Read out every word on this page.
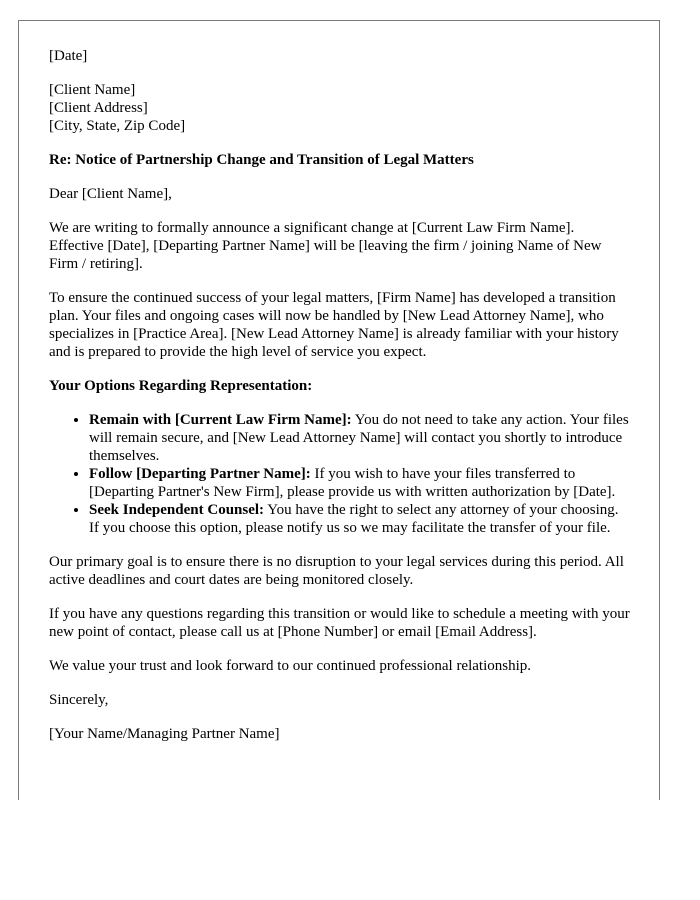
[Date]

[Client Name]
[Client Address]
[City, State, Zip Code]

Re: Notice of Partnership Change and Transition of Legal Matters

Dear [Client Name],

We are writing to formally announce a significant change at [Current Law Firm Name]. Effective [Date], [Departing Partner Name] will be [leaving the firm / joining Name of New Firm / retiring].

To ensure the continued success of your legal matters, [Firm Name] has developed a transition plan. Your files and ongoing cases will now be handled by [New Lead Attorney Name], who specializes in [Practice Area]. [New Lead Attorney Name] is already familiar with your history and is prepared to provide the high level of service you expect.

Your Options Regarding Representation:

• Remain with [Current Law Firm Name]: You do not need to take any action. Your files will remain secure, and [New Lead Attorney Name] will contact you shortly to introduce themselves.
• Follow [Departing Partner Name]: If you wish to have your files transferred to [Departing Partner's New Firm], please provide us with written authorization by [Date].
• Seek Independent Counsel: You have the right to select any attorney of your choosing. If you choose this option, please notify us so we may facilitate the transfer of your file.

Our primary goal is to ensure there is no disruption to your legal services during this period. All active deadlines and court dates are being monitored closely.

If you have any questions regarding this transition or would like to schedule a meeting with your new point of contact, please call us at [Phone Number] or email [Email Address].

We value your trust and look forward to our continued professional relationship.

Sincerely,

[Your Name/Managing Partner Name]
